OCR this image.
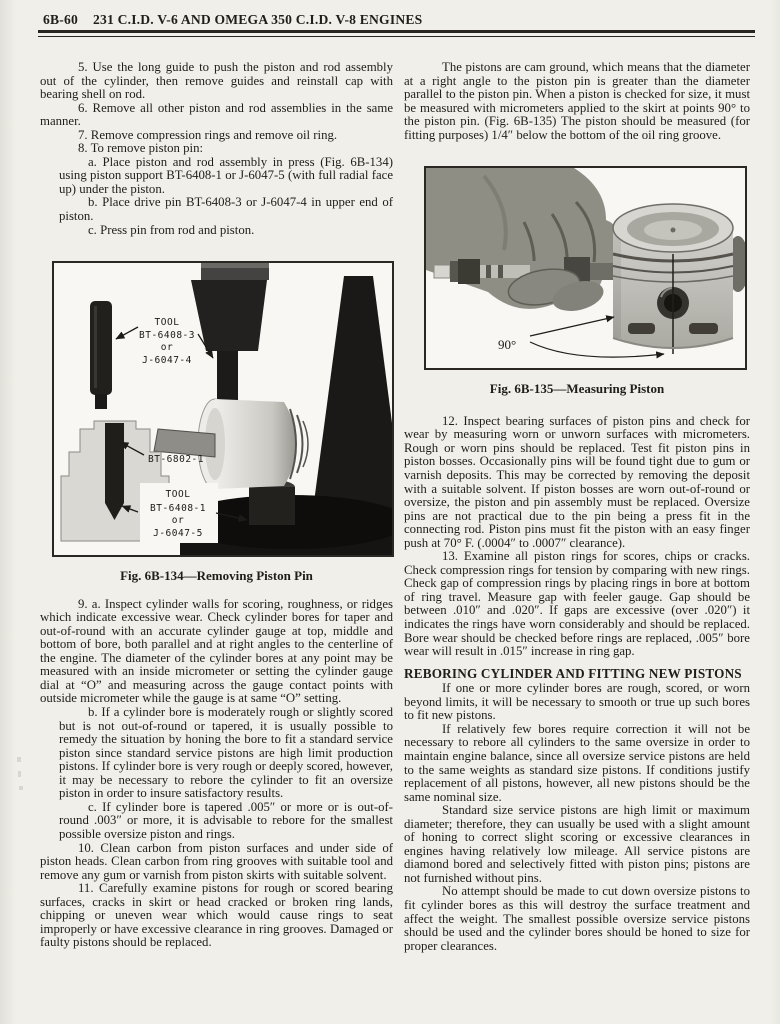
6B-60 231 C.I.D. V-6 AND OMEGA 350 C.I.D. V-8 ENGINES

5. Use the long guide to push the piston and rod assembly out of the cylinder, then remove guides and reinstall cap with bearing shell on rod.

6. Remove all other piston and rod assemblies in the same manner.

7. Remove compression rings and remove oil ring.

8. To remove piston pin:

a. Place piston and rod assembly in press (Fig. 6B-134) using piston support BT-6408-1 or J-6047-5 (with full radial face up) under the piston.

b. Place drive pin BT-6408-3 or J-6047-4 in upper end of piston.

c. Press pin from rod and piston.

TOOL
BT-6408-3
or
J-6047-4
BT-6802-1
TOOL
BT-6408-1
or
J-6047-5
Fig. 6B-134—Removing Piston Pin

9. a. Inspect cylinder walls for scoring, roughness, or ridges which indicate excessive wear. Check cylinder bores for taper and out-of-round with an accurate cylinder gauge at top, middle and bottom of bore, both parallel and at right angles to the centerline of the engine. The diameter of the cylinder bores at any point may be measured with an inside micrometer or setting the cylinder gauge dial at “O” and measuring across the gauge contact points with outside micrometer while the gauge is at same “O” setting.

b. If a cylinder bore is moderately rough or slightly scored but is not out-of-round or tapered, it is usually possible to remedy the situation by honing the bore to fit a standard service piston since standard service pistons are high limit production pistons. If cylinder bore is very rough or deeply scored, however, it may be necessary to rebore the cylinder to fit an oversize piston in order to insure satisfactory results.

c. If cylinder bore is tapered .005″ or more or is out-of-round .003″ or more, it is advisable to rebore for the smallest possible oversize piston and rings.

10. Clean carbon from piston surfaces and under side of piston heads. Clean carbon from ring grooves with suitable tool and remove any gum or varnish from piston skirts with suitable solvent.

11. Carefully examine pistons for rough or scored bearing surfaces, cracks in skirt or head cracked or broken ring lands, chipping or uneven wear which would cause rings to seat improperly or have excessive clearance in ring grooves. Damaged or faulty pistons should be replaced.

The pistons are cam ground, which means that the diameter at a right angle to the piston pin is greater than the diameter parallel to the piston pin. When a piston is checked for size, it must be measured with micrometers applied to the skirt at points 90° to the piston pin. (Fig. 6B-135) The piston should be measured (for fitting purposes) 1/4″ below the bottom of the oil ring groove.

90°
Fig. 6B-135—Measuring Piston

12. Inspect bearing surfaces of piston pins and check for wear by measuring worn or unworn surfaces with micrometers. Rough or worn pins should be replaced. Test fit piston pins in piston bosses. Occasionally pins will be found tight due to gum or varnish deposits. This may be corrected by removing the deposit with a suitable solvent. If piston bosses are worn out-of-round or oversize, the piston and pin assembly must be replaced. Oversize pins are not practical due to the pin being a press fit in the connecting rod. Piston pins must fit the piston with an easy finger push at 70° F. (.0004″ to .0007″ clearance).

13. Examine all piston rings for scores, chips or cracks. Check compression rings for tension by comparing with new rings. Check gap of compression rings by placing rings in bore at bottom of ring travel. Measure gap with feeler gauge. Gap should be between .010″ and .020″. If gaps are excessive (over .020″) it indicates the rings have worn considerably and should be replaced. Bore wear should be checked before rings are replaced, .005″ bore wear will result in .015″ increase in ring gap.

REBORING CYLINDER AND FITTING NEW PISTONS

If one or more cylinder bores are rough, scored, or worn beyond limits, it will be necessary to smooth or true up such bores to fit new pistons.

If relatively few bores require correction it will not be necessary to rebore all cylinders to the same oversize in order to maintain engine balance, since all oversize service pistons are held to the same weights as standard size pistons. If conditions justify replacement of all pistons, however, all new pistons should be the same nominal size.

Standard size service pistons are high limit or maximum diameter; therefore, they can usually be used with a slight amount of honing to correct slight scoring or excessive clearances in engines having relatively low mileage. All service pistons are diamond bored and selectively fitted with piston pins; pistons are not furnished without pins.

No attempt should be made to cut down oversize pistons to fit cylinder bores as this will destroy the surface treatment and affect the weight. The smallest possible oversize service pistons should be used and the cylinder bores should be honed to size for proper clearances.
